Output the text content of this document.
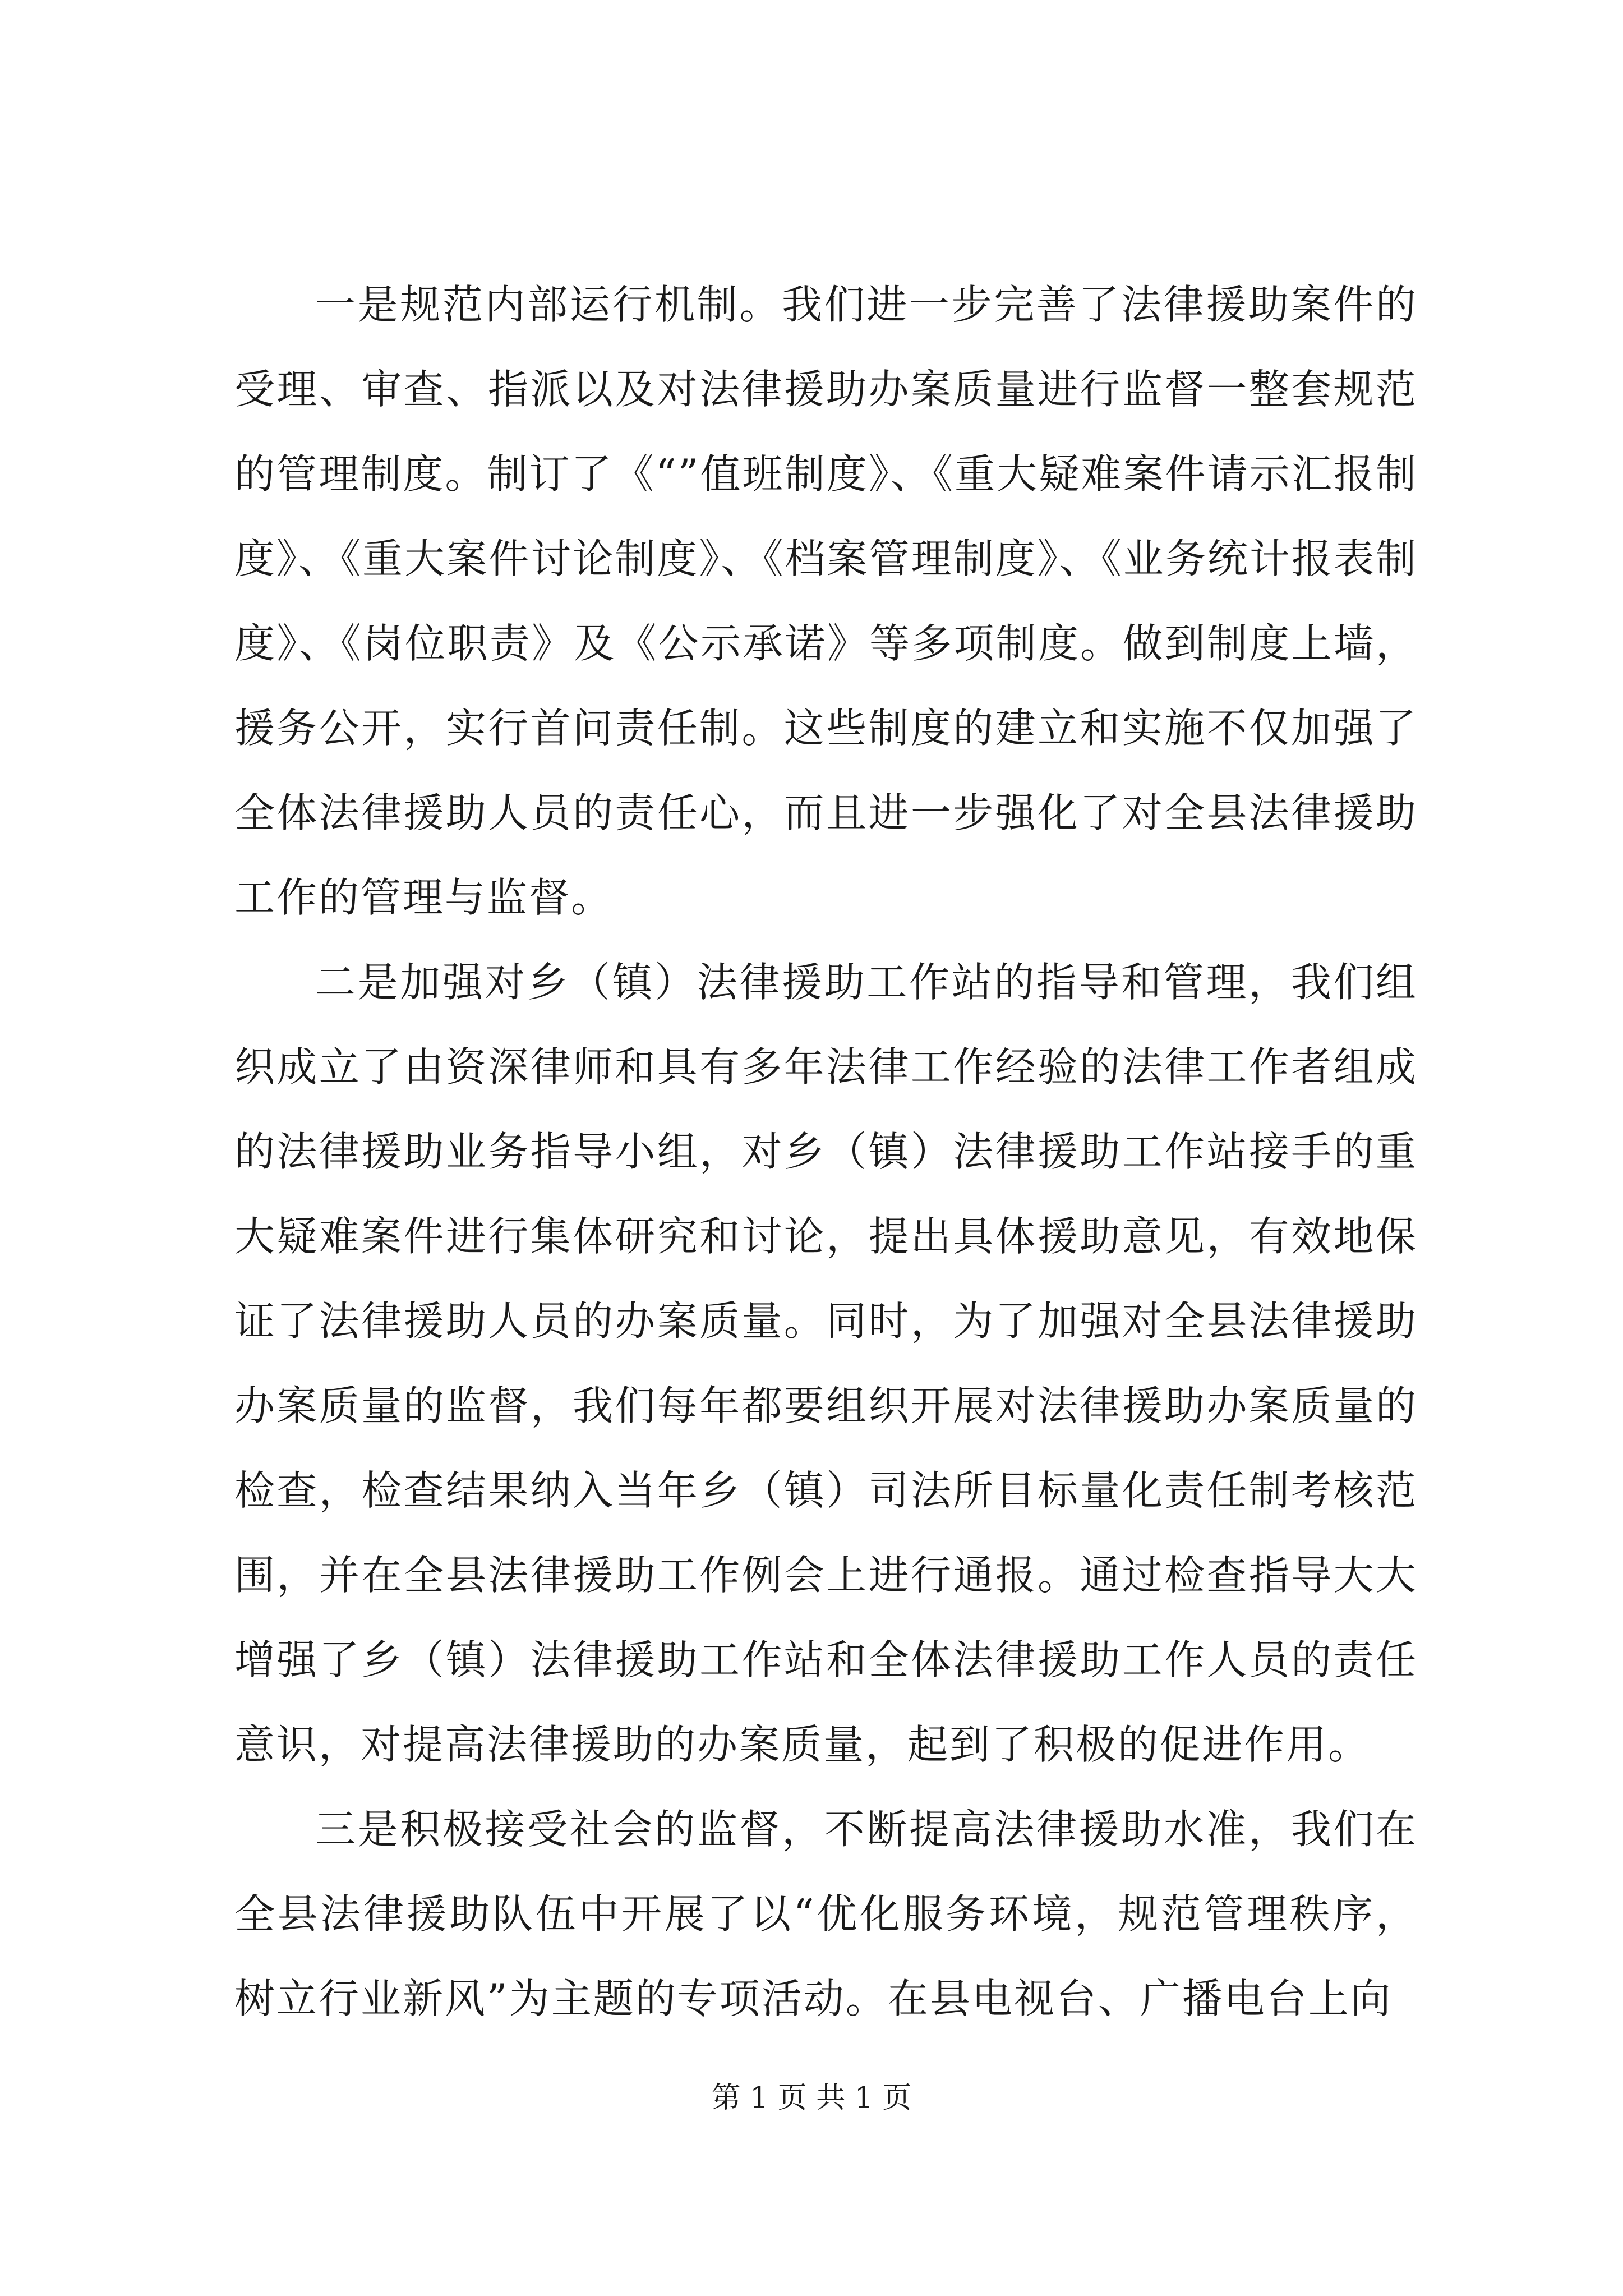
一是规范内部运行机制。我们进一步完善了法律援助案件的受理、审查、指派以及对法律援助办案质量进行监督一整套规范的管理制度。制订了《“”值班制度》、《重大疑难案件请示汇报制度》、《重大案件讨论制度》、《档案管理制度》、《业务统计报表制度》、《岗位职责》及《公示承诺》等多项制度。做到制度上墙，援务公开，实行首问责任制。这些制度的建立和实施不仅加强了全体法律援助人员的责任心，而且进一步强化了对全县法律援助工作的管理与监督。

二是加强对乡（镇）法律援助工作站的指导和管理，我们组织成立了由资深律师和具有多年法律工作经验的法律工作者组成的法律援助业务指导小组，对乡（镇）法律援助工作站接手的重大疑难案件进行集体研究和讨论，提出具体援助意见，有效地保证了法律援助人员的办案质量。同时，为了加强对全县法律援助办案质量的监督，我们每年都要组织开展对法律援助办案质量的检查，检查结果纳入当年乡（镇）司法所目标量化责任制考核范围，并在全县法律援助工作例会上进行通报。通过检查指导大大增强了乡（镇）法律援助工作站和全体法律援助工作人员的责任意识，对提高法律援助的办案质量，起到了积极的促进作用。

三是积极接受社会的监督，不断提高法律援助水准，我们在全县法律援助队伍中开展了以“优化服务环境，规范管理秩序，树立行业新风”为主题的专项活动。在县电视台、广播电台上向

第 1 页 共 1 页
